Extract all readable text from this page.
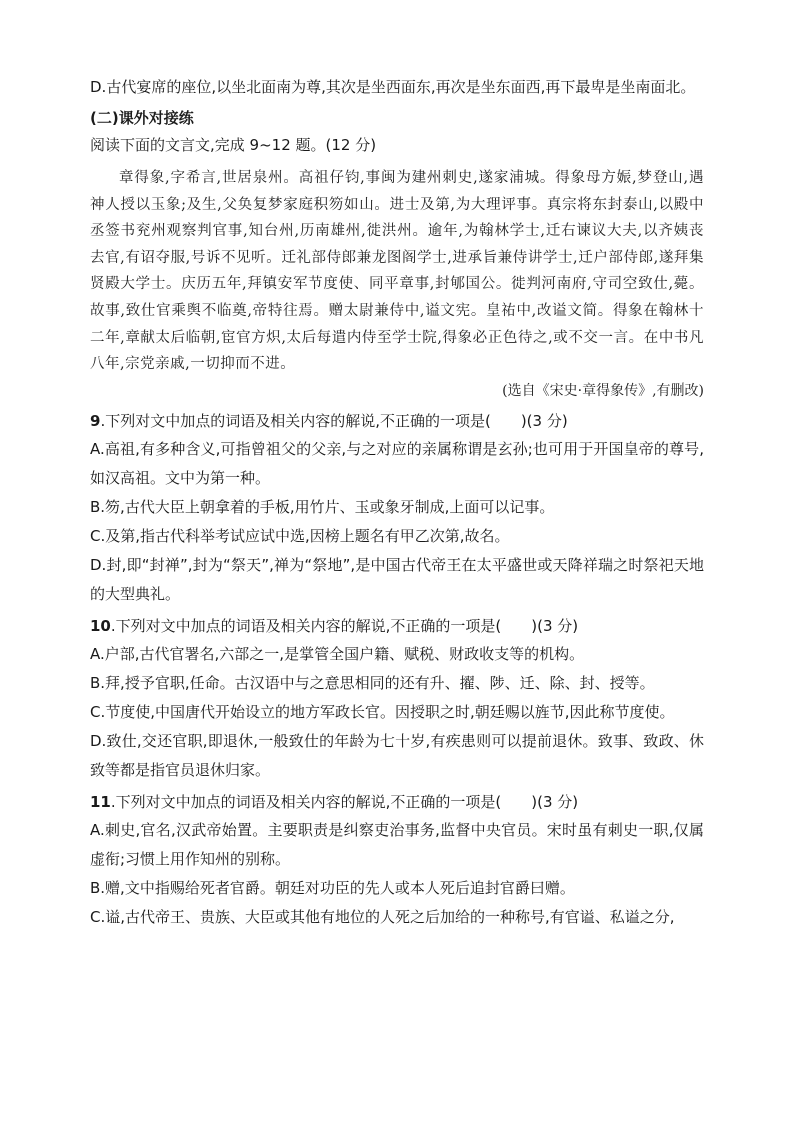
D.古代宴席的座位,以坐北面南为尊,其次是坐西面东,再次是坐东面西,再下最卑是坐南面北。

(二)课外对接练

阅读下面的文言文,完成 9~12 题。(12 分)

章得象,字希言,世居泉州。高祖仔钧,事闽为建州刺史,遂家浦城。得象母方娠,梦登山,遇神人授以玉象;及生,父奂复梦家庭积笏如山。进士及第,为大理评事。真宗将东封泰山,以殿中丞签书兖州观察判官事,知台州,历南雄州,徙洪州。逾年,为翰林学士,迁右谏议大夫,以齐姨丧去官,有诏夺服,号诉不见听。迁礼部侍郎兼龙图阁学士,进承旨兼侍讲学士,迁户部侍郎,遂拜集贤殿大学士。庆历五年,拜镇安军节度使、同平章事,封郇国公。徙判河南府,守司空致仕,薨。故事,致仕官乘舆不临奠,帝特往焉。赠太尉兼侍中,谥文宪。皇祐中,改谥文简。得象在翰林十二年,章献太后临朝,宦官方炽,太后每遣内侍至学士院,得象必正色待之,或不交一言。在中书凡八年,宗党亲戚,一切抑而不进。

(选自《宋史·章得象传》,有删改)

9.下列对文中加点的词语及相关内容的解说,不正确的一项是(　　)(3 分)

A.高祖,有多种含义,可指曾祖父的父亲,与之对应的亲属称谓是玄孙;也可用于开国皇帝的尊号,如汉高祖。文中为第一种。

B.笏,古代大臣上朝拿着的手板,用竹片、玉或象牙制成,上面可以记事。

C.及第,指古代科举考试应试中选,因榜上题名有甲乙次第,故名。

D.封,即“封禅”,封为“祭天”,禅为“祭地”,是中国古代帝王在太平盛世或天降祥瑞之时祭祀天地的大型典礼。

10.下列对文中加点的词语及相关内容的解说,不正确的一项是(　　)(3 分)

A.户部,古代官署名,六部之一,是掌管全国户籍、赋税、财政收支等的机构。

B.拜,授予官职,任命。古汉语中与之意思相同的还有升、擢、陟、迁、除、封、授等。

C.节度使,中国唐代开始设立的地方军政长官。因授职之时,朝廷赐以旌节,因此称节度使。

D.致仕,交还官职,即退休,一般致仕的年龄为七十岁,有疾患则可以提前退休。致事、致政、休致等都是指官员退休归家。

11.下列对文中加点的词语及相关内容的解说,不正确的一项是(　　)(3 分)

A.刺史,官名,汉武帝始置。主要职责是纠察吏治事务,监督中央官员。宋时虽有刺史一职,仅属虚衔;习惯上用作知州的别称。

B.赠,文中指赐给死者官爵。朝廷对功臣的先人或本人死后追封官爵曰赠。

C.谥,古代帝王、贵族、大臣或其他有地位的人死之后加给的一种称号,有官谥、私谥之分,
